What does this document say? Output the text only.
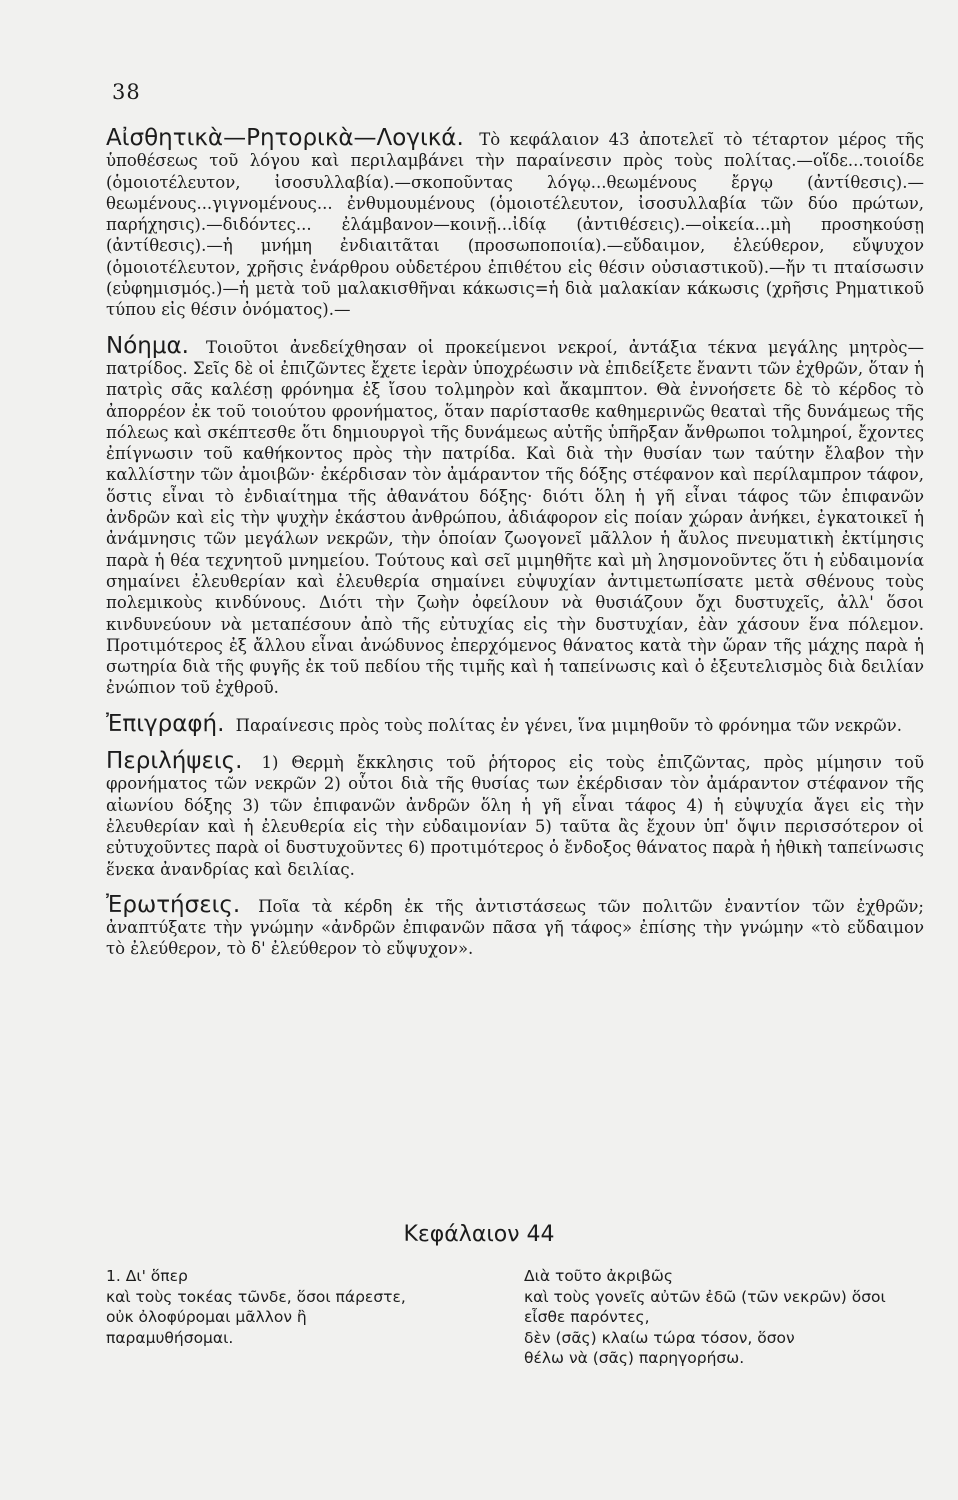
38

Αἰσθητικὰ—Ρητορικὰ—Λογικά. Τὸ κεφάλαιον 43 ἀποτελεῖ τὸ τέταρτον μέρος τῆς ὑποθέσεως τοῦ λόγου καὶ περιλαμβάνει τὴν παραίνεσιν πρὸς τοὺς πολίτας.—οἵδε...τοιοίδε (ὁμοιοτέλευτον, ἰσοσυλλαβία).—σκοποῦντας λόγῳ...θεωμένους ἔργῳ (ἀντίθεσις).—θεωμένους...γιγνομένους... ἐνθυμουμένους (ὁμοιοτέλευτον, ἰσοσυλλαβία τῶν δύο πρώτων, παρήχησις).—διδόντες... ἐλάμβανον—κοινῇ...ἰδίᾳ (ἀντιθέσεις).—οἰκεία...μὴ προσηκούσῃ (ἀντίθεσις).—ἡ μνήμη ἐνδιαιτᾶται (προσωποποιία).—εὔδαιμον, ἐλεύθερον, εὔψυχον (ὁμοιοτέλευτον, χρῆσις ἐνάρθρου οὐδετέρου ἐπιθέτου εἰς θέσιν οὐσιαστικοῦ).—ἤν τι πταίσωσιν (εὐφημισμός.)—ἡ μετὰ τοῦ μαλακισθῆναι κάκωσις=ἡ διὰ μαλακίαν κάκωσις (χρῆσις Ρηματικοῦ τύπου εἰς θέσιν ὀνόματος).—

Νόημα. Τοιοῦτοι ἀνεδείχθησαν οἱ προκείμενοι νεκροί, ἀντάξια τέκνα μεγάλης μητρὸς—πατρίδος. Σεῖς δὲ οἱ ἐπιζῶντες ἔχετε ἱερὰν ὑποχρέωσιν νὰ ἐπιδείξετε ἔναντι τῶν ἐχθρῶν, ὅταν ἡ πατρὶς σᾶς καλέσῃ φρόνημα ἐξ ἴσου τολμηρὸν καὶ ἄκαμπτον. Θὰ ἐννοήσετε δὲ τὸ κέρδος τὸ ἀπορρέον ἐκ τοῦ τοιούτου φρονήματος, ὅταν παρίστασθε καθημερινῶς θεαταὶ τῆς δυνάμεως τῆς πόλεως καὶ σκέπτεσθε ὅτι δημιουργοὶ τῆς δυνάμεως αὐτῆς ὑπῆρξαν ἄνθρωποι τολμηροί, ἔχοντες ἐπίγνωσιν τοῦ καθήκοντος πρὸς τὴν πατρίδα. Καὶ διὰ τὴν θυσίαν των ταύτην ἔλαβον τὴν καλλίστην τῶν ἀμοιβῶν· ἐκέρδισαν τὸν ἀμάραντον τῆς δόξης στέφανον καὶ περίλαμπρον τάφον, ὅστις εἶναι τὸ ἐνδιαίτημα τῆς ἀθανάτου δόξης· διότι ὅλη ἡ γῆ εἶναι τάφος τῶν ἐπιφανῶν ἀνδρῶν καὶ εἰς τὴν ψυχὴν ἑκάστου ἀνθρώπου, ἀδιάφορον εἰς ποίαν χώραν ἀνήκει, ἐγκατοικεῖ ἡ ἀνάμνησις τῶν μεγάλων νεκρῶν, τὴν ὁποίαν ζωογονεῖ μᾶλλον ἡ ἄυλος πνευματικὴ ἐκτίμησις παρὰ ἡ θέα τεχνητοῦ μνημείου. Τούτους καὶ σεῖ μιμηθῆτε καὶ μὴ λησμονοῦντες ὅτι ἡ εὐδαιμονία σημαίνει ἐλευθερίαν καὶ ἐλευθερία σημαίνει εὐψυχίαν ἀντιμετωπίσατε μετὰ σθένους τοὺς πολεμικοὺς κινδύνους. Διότι τὴν ζωὴν ὀφείλουν νὰ θυσιάζουν ὄχι δυστυχεῖς, ἀλλ' ὅσοι κινδυνεύουν νὰ μεταπέσουν ἀπὸ τῆς εὐτυχίας εἰς τὴν δυστυχίαν, ἐὰν χάσουν ἕνα πόλεμον. Προτιμότερος ἐξ ἄλλου εἶναι ἀνώδυνος ἐπερχόμενος θάνατος κατὰ τὴν ὥραν τῆς μάχης παρὰ ἡ σωτηρία διὰ τῆς φυγῆς ἐκ τοῦ πεδίου τῆς τιμῆς καὶ ἡ ταπείνωσις καὶ ὁ ἐξευτελισμὸς διὰ δειλίαν ἐνώπιον τοῦ ἐχθροῦ.

Ἐπιγραφή. Παραίνεσις πρὸς τοὺς πολίτας ἐν γένει, ἵνα μιμηθοῦν τὸ φρόνημα τῶν νεκρῶν.

Περιλήψεις. 1) Θερμὴ ἔκκλησις τοῦ ῥήτορος εἰς τοὺς ἐπιζῶντας, πρὸς μίμησιν τοῦ φρονήματος τῶν νεκρῶν 2) οὗτοι διὰ τῆς θυσίας των ἐκέρδισαν τὸν ἀμάραντον στέφανον τῆς αἰωνίου δόξης 3) τῶν ἐπιφανῶν ἀνδρῶν ὅλη ἡ γῆ εἶναι τάφος 4) ἡ εὐψυχία ἄγει εἰς τὴν ἐλευθερίαν καὶ ἡ ἐλευθερία εἰς τὴν εὐδαιμονίαν 5) ταῦτα ἂς ἔχουν ὑπ' ὄψιν περισσότερον οἱ εὐτυχοῦντες παρὰ οἱ δυστυχοῦντες 6) προτιμότερος ὁ ἔνδοξος θάνατος παρὰ ἡ ἠθικὴ ταπείνωσις ἕνεκα ἀνανδρίας καὶ δειλίας.

Ἐρωτήσεις. Ποῖα τὰ κέρδη ἐκ τῆς ἀντιστάσεως τῶν πολιτῶν ἐναντίον τῶν ἐχθρῶν; ἀναπτύξατε τὴν γνώμην «ἀνδρῶν ἐπιφανῶν πᾶσα γῆ τάφος» ἐπίσης τὴν γνώμην «τὸ εὔδαιμον τὸ ἐλεύθερον, τὸ δ' ἐλεύθερον τὸ εὔψυχον».

Κεφάλαιον 44
1. Δι' ὅπερ
καὶ τοὺς τοκέας τῶνδε, ὅσοι πάρεστε,
οὐκ ὀλοφύρομαι μᾶλλον ἢ
παραμυθήσομαι.
Διὰ τοῦτο ἀκριβῶς
καὶ τοὺς γονεῖς αὐτῶν ἐδῶ (τῶν νεκρῶν) ὅσοι εἶσθε παρόντες,
δὲν (σᾶς) κλαίω τώρα τόσον, ὅσον
θέλω νὰ (σᾶς) παρηγορήσω.
